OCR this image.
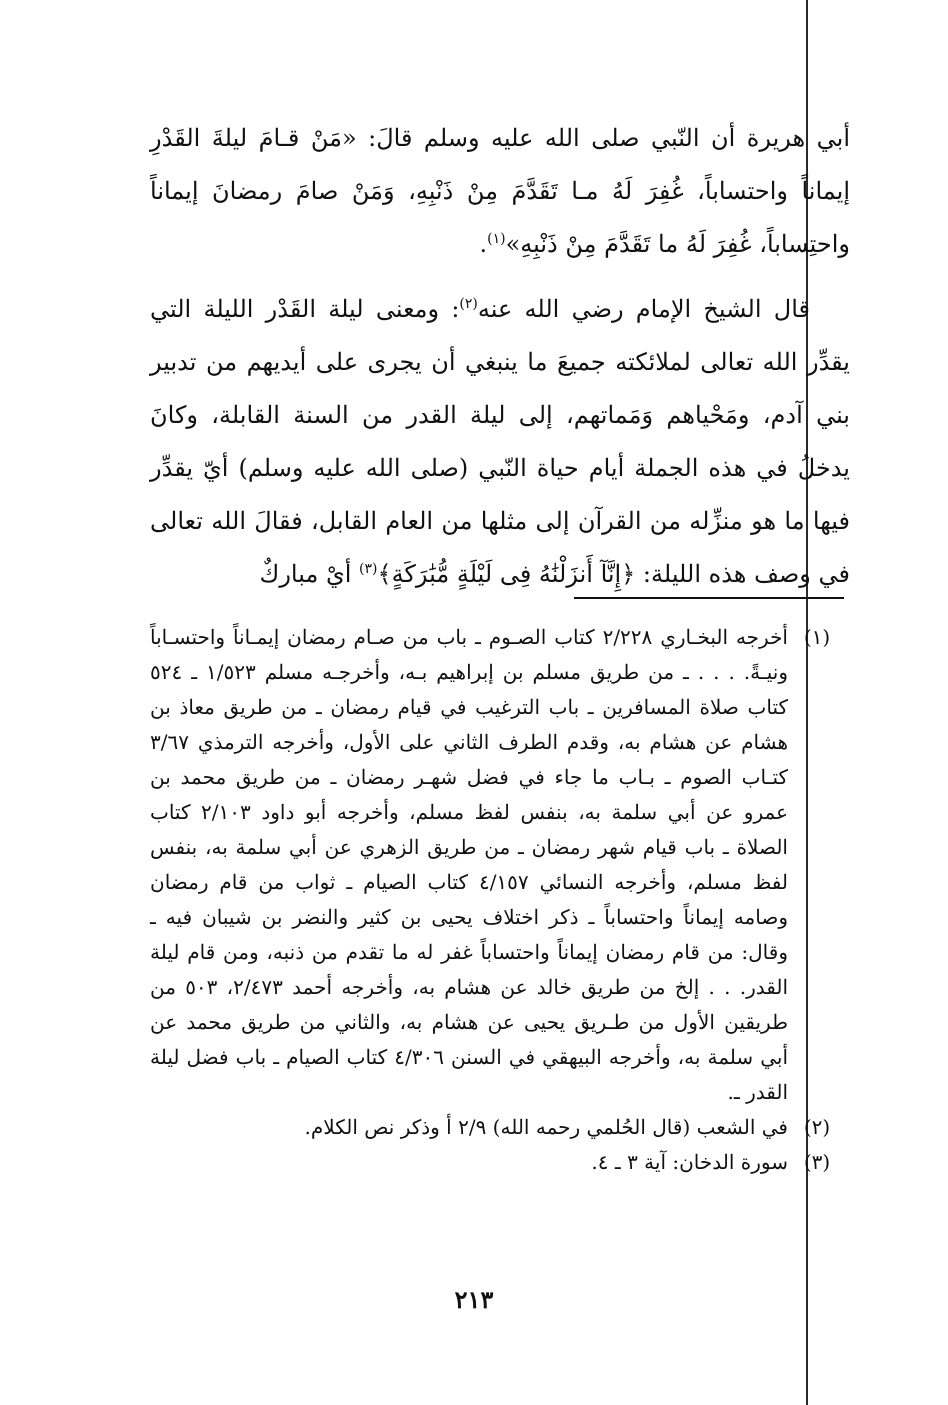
أبي هريرة أن النّبي صلى الله عليه وسلم قالَ: «مَنْ قـامَ ليلةَ القَدْرِ إيماناً واحتساباً، غُفِرَ لَهُ مـا تَقَدَّمَ مِنْ ذَنْبِهِ، وَمَنْ صامَ رمضانَ إيماناً واحتِساباً، غُفِرَ لَهُ ما تَقَدَّمَ مِنْ ذَنْبِهِ»$^{(١)}$.

قال الشيخ الإمام رضي الله عنه$^{(٢)}$: ومعنى ليلة القَدْر الليلة التي يقدِّر الله تعالى لملائكته جميعَ ما ينبغي أن يجرى على أيديهم من تدبير بني آدم، ومَحْياهم وَمَماتهم، إلى ليلة القدر من السنة القابلة، وكانَ يدخلُ في هذه الجملة أيام حياة النّبي (صلى الله عليه وسلم) أيّ يقدِّر فيها ما هو منزِّله من القرآن إلى مثلها من العام القابل، فقالَ الله تعالى في وصف هذه الليلة: ﴿إِنَّآ أَنزَلْنَٰهُ فِى لَيْلَةٍ مُّبَٰرَكَةٍ﴾$^{(٣)}$ أيْ مباركٌ

(١)
أخرجه البخـاري ٢/٢٢٨ كتاب الصـوم ـ باب من صـام رمضان إيمـاناً واحتسـاباً ونيـةً. . . . ـ من طريق مسلم بن إبراهيم بـه، وأخرجـه مسلم ١/٥٢٣ ـ ٥٢٤ كتاب صلاة المسافرين ـ باب الترغيب في قيام رمضان ـ من طريق معاذ بن هشام عن هشام به، وقدم الطرف الثاني على الأول، وأخرجه الترمذي ٣/٦٧ كتـاب الصوم ـ بـاب ما جاء في فضل شهـر رمضان ـ من طريق محمد بن عمرو عن أبي سلمة به، بنفس لفظ مسلم، وأخرجه أبو داود ٢/١٠٣ كتاب الصلاة ـ باب قيام شهر رمضان ـ من طريق الزهري عن أبي سلمة به، بنفس لفظ مسلم، وأخرجه النسائي ٤/١٥٧ كتاب الصيام ـ ثواب من قام رمضان وصامه إيماناً واحتساباً ـ ذكر اختلاف يحيى بن كثير والنضر بن شيبان فيه ـ وقال: من قام رمضان إيماناً واحتساباً غفر له ما تقدم من ذنبه، ومن قام ليلة القدر. . . إلخ من طريق خالد عن هشام به، وأخرجه أحمد ٢/٤٧٣، ٥٠٣ من طريقين الأول من طـريق يحيى عن هشام به، والثاني من طريق محمد عن أبي سلمة به، وأخرجه البيهقي في السنن ٤/٣٠٦ كتاب الصيام ـ باب فضل ليلة القدر ـ.
(٢)
في الشعب (قال الحُلمي رحمه الله) ٢/٩ أ وذكر نص الكلام.
(٣)
سورة الدخان: آية ٣ ـ ٤.
٢١٣
